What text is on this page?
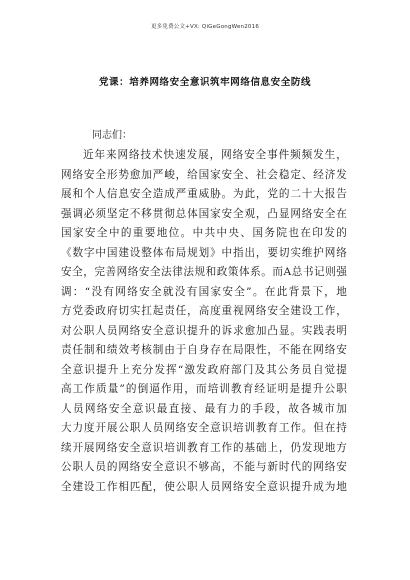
更多免费公文+VX: QiGeGongWen2016
党课：培养网络安全意识筑牢网络信息安全防线
同志们：
近年来网络技术快速发展，网络安全事件频频发生，
网络安全形势愈加严峻，给国家安全、社会稳定、经济发
展和个人信息安全造成严重威胁。为此，党的二十大报告
强调必须坚定不移贯彻总体国家安全观，凸显网络安全在
国家安全中的重要地位。中共中央、国务院也在印发的
《数字中国建设整体布局规划》中指出，要切实维护网络
安全，完善网络安全法律法规和政策体系。而A总书记则强
调：“没有网络安全就没有国家安全”。在此背景下，地
方党委政府切实扛起责任，高度重视网络安全建设工作，
对公职人员网络安全意识提升的诉求愈加凸显。实践表明
责任制和绩效考核制由于自身存在局限性，不能在网络安
全意识提升上充分发挥“激发政府部门及其公务员自觉提
高工作质量”的倒逼作用，而培训教育经证明是提升公职
人员网络安全意识最直接、最有力的手段，故各城市加
大力度开展公职人员网络安全意识培训教育工作。但在持
续开展网络安全意识培训教育工作的基础上，仍发现地方
公职人员的网络安全意识不够高，不能与新时代的网络安
全建设工作相匹配，使公职人员网络安全意识提升成为地
